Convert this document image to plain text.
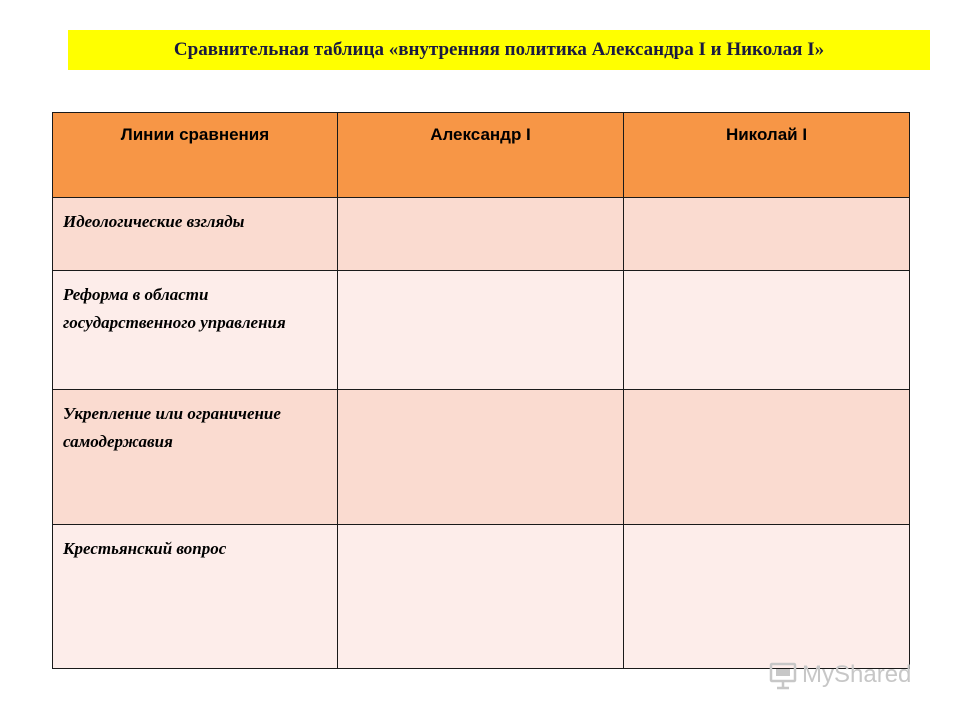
Сравнительная таблица «внутренняя политика Александра I и Николая I»
Линии сравнения	Александр I	Николай I
Идеологические взгляды		
Реформа в области государственного управления		
Укрепление или ограничение самодержавия		
Крестьянский вопрос		
MyShared
